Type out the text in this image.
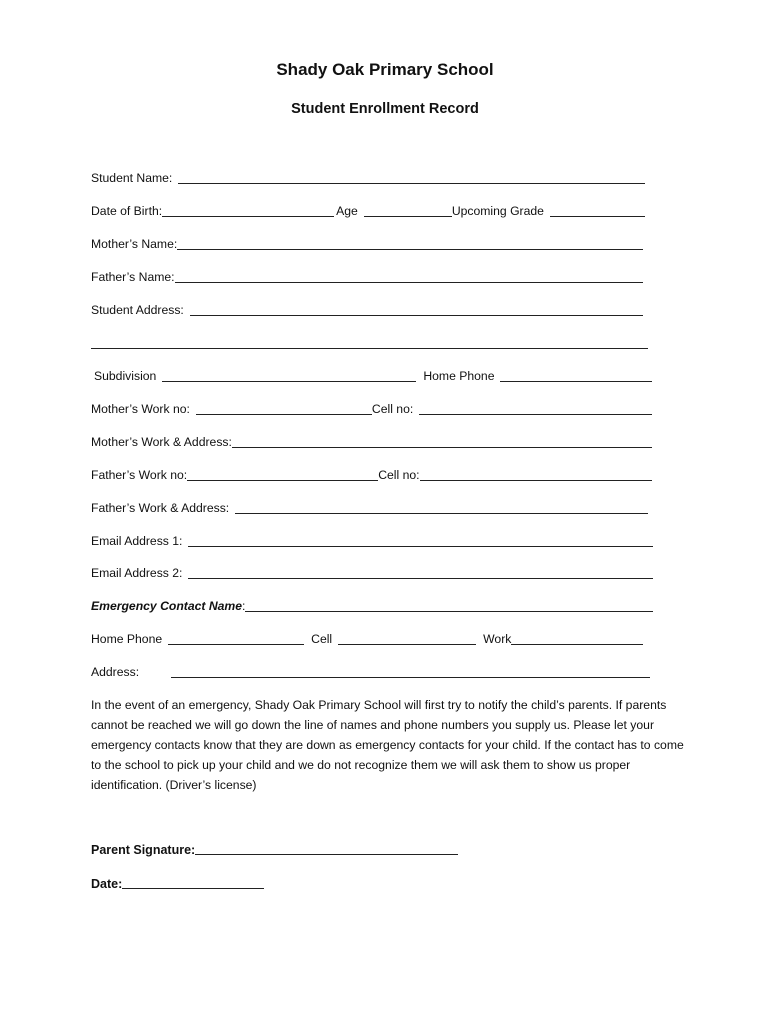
Shady Oak Primary School
Student Enrollment Record
Student Name:
Date of Birth:	Age	Upcoming Grade
Mother’s Name:
Father’s Name:
Student Address:
Subdivision	Home Phone
Mother’s Work no:	Cell no:
Mother’s Work & Address:
Father’s Work no:	Cell no:
Father’s Work & Address:
Email Address 1:
Email Address 2:
Emergency Contact Name :
Home Phone	Cell	Work
Address:
In the event of an emergency, Shady Oak Primary School will first try to notify the child’s parents. If parents cannot be reached we will go down the line of names and phone numbers you supply us. Please let your emergency contacts know that they are down as emergency contacts for your child. If the contact has to come to the school to pick up your child and we do not recognize them we will ask them to show us proper identification. (Driver’s license)
Parent Signature:
Date:
